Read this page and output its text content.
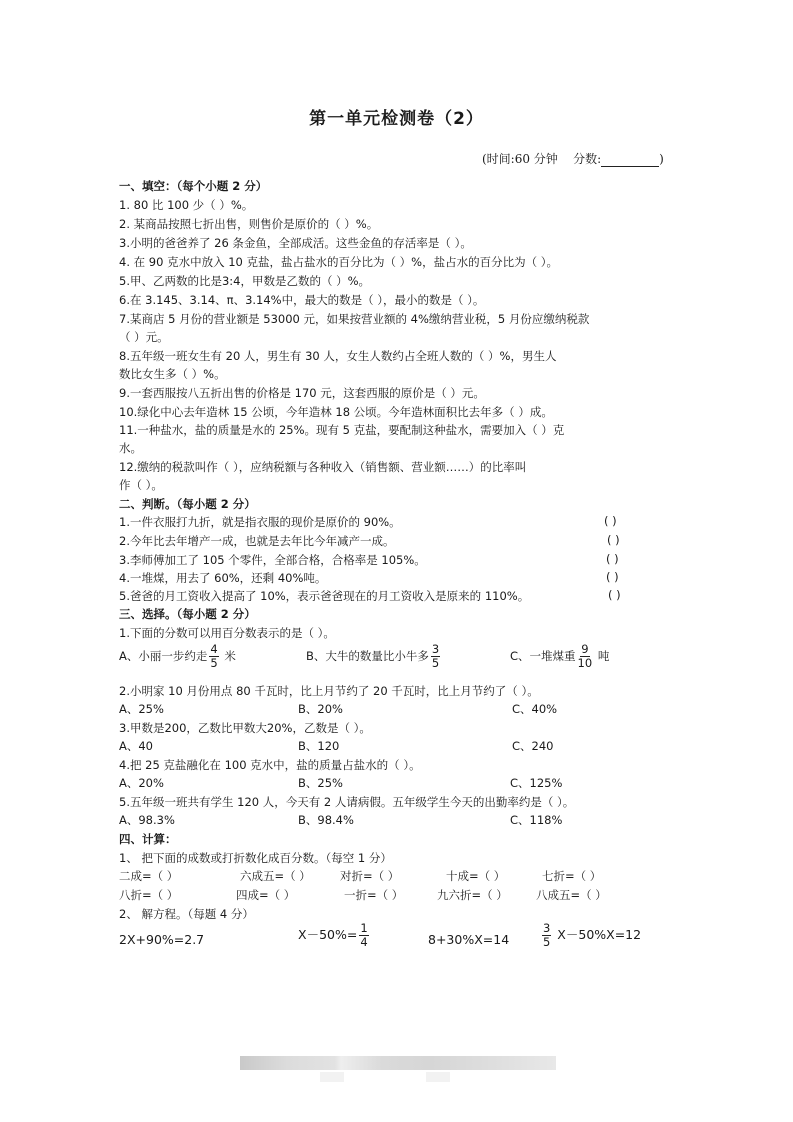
第一单元检测卷（2）
(时间:60 分钟 分数:	)
一、填空：（每个小题 2 分）
1. 80 比 100 少（ ）%。
2. 某商品按照七折出售，则售价是原价的（ ）%。
3.小明的爸爸养了 26 条金鱼，全部成活。这些金鱼的存活率是（ ）。
4. 在 90 克水中放入 10 克盐，盐占盐水的百分比为（ ）%，盐占水的百分比为（ ）。
5.甲、乙两数的比是3:4，甲数是乙数的（ ）%。
6.在 3.145、3.14、π、3.14%中，最大的数是（ ），最小的数是（ ）。
7.某商店 5 月份的营业额是 53000 元，如果按营业额的 4%缴纳营业税，5 月份应缴纳税款
（ ）元。
8.五年级一班女生有 20 人，男生有 30 人，女生人数约占全班人数的（ ）%，男生人
数比女生多（ ）%。
9.一套西服按八五折出售的价格是 170 元，这套西服的原价是（ ）元。
10.绿化中心去年造林 15 公顷，今年造林 18 公顷。今年造林面积比去年多（ ）成。
11.一种盐水，盐的质量是水的 25%。现有 5 克盐，要配制这种盐水，需要加入（ ）克
水。
12.缴纳的税款叫作（ ），应纳税额与各种收入（销售额、营业额……）的比率叫
作（ ）。
二、判断。（每小题 2 分）
1.一件衣服打九折，就是指衣服的现价是原价的 90%。	( )
2.今年比去年增产一成，也就是去年比今年减产一成。	( )
3.李师傅加工了 105 个零件，全部合格，合格率是 105%。	( )
4.一堆煤，用去了 60%，还剩 40%吨。	( )
5.爸爸的月工资收入提高了 10%，表示爸爸现在的月工资收入是原来的 110%。	( )
三、选择。（每小题 2 分）
1.下面的分数可以用百分数表示的是（ ）。
A、小丽一步约走 $\frac{4}{5}$ 米	B、大牛的数量比小牛多 $\frac{3}{5}$	C、一堆煤重 $\frac{9}{10}$ 吨
2.小明家 10 月份用点 80 千瓦时，比上月节约了 20 千瓦时，比上月节约了（ ）。
A、25%	B、20%	C、40%
3.甲数是200，乙数比甲数大20%，乙数是（ ）。
A、40	B、120	C、240
4.把 25 克盐融化在 100 克水中，盐的质量占盐水的（ ）。
A、20%	B、25%	C、125%
5.五年级一班共有学生 120 人，今天有 2 人请病假。五年级学生今天的出勤率约是（ ）。
A、98.3%	B、98.4%	C、118%
四、计算：
1、 把下面的成数或打折数化成百分数。（每空 1 分）
二成=（ ）	六成五=（ ）	对折=（ ）	十成=（ ）	七折=（ ）
八折=（ ）	四成=（ ）	一折=（ ）	九六折=（ ） 八成五=（ ）
2、 解方程。（每题 4 分）
2X+90%=2.7	$X-50\%= \frac{1}{4}$	8+30%X=14	$\frac{3}{5} X-50\%X=12$
